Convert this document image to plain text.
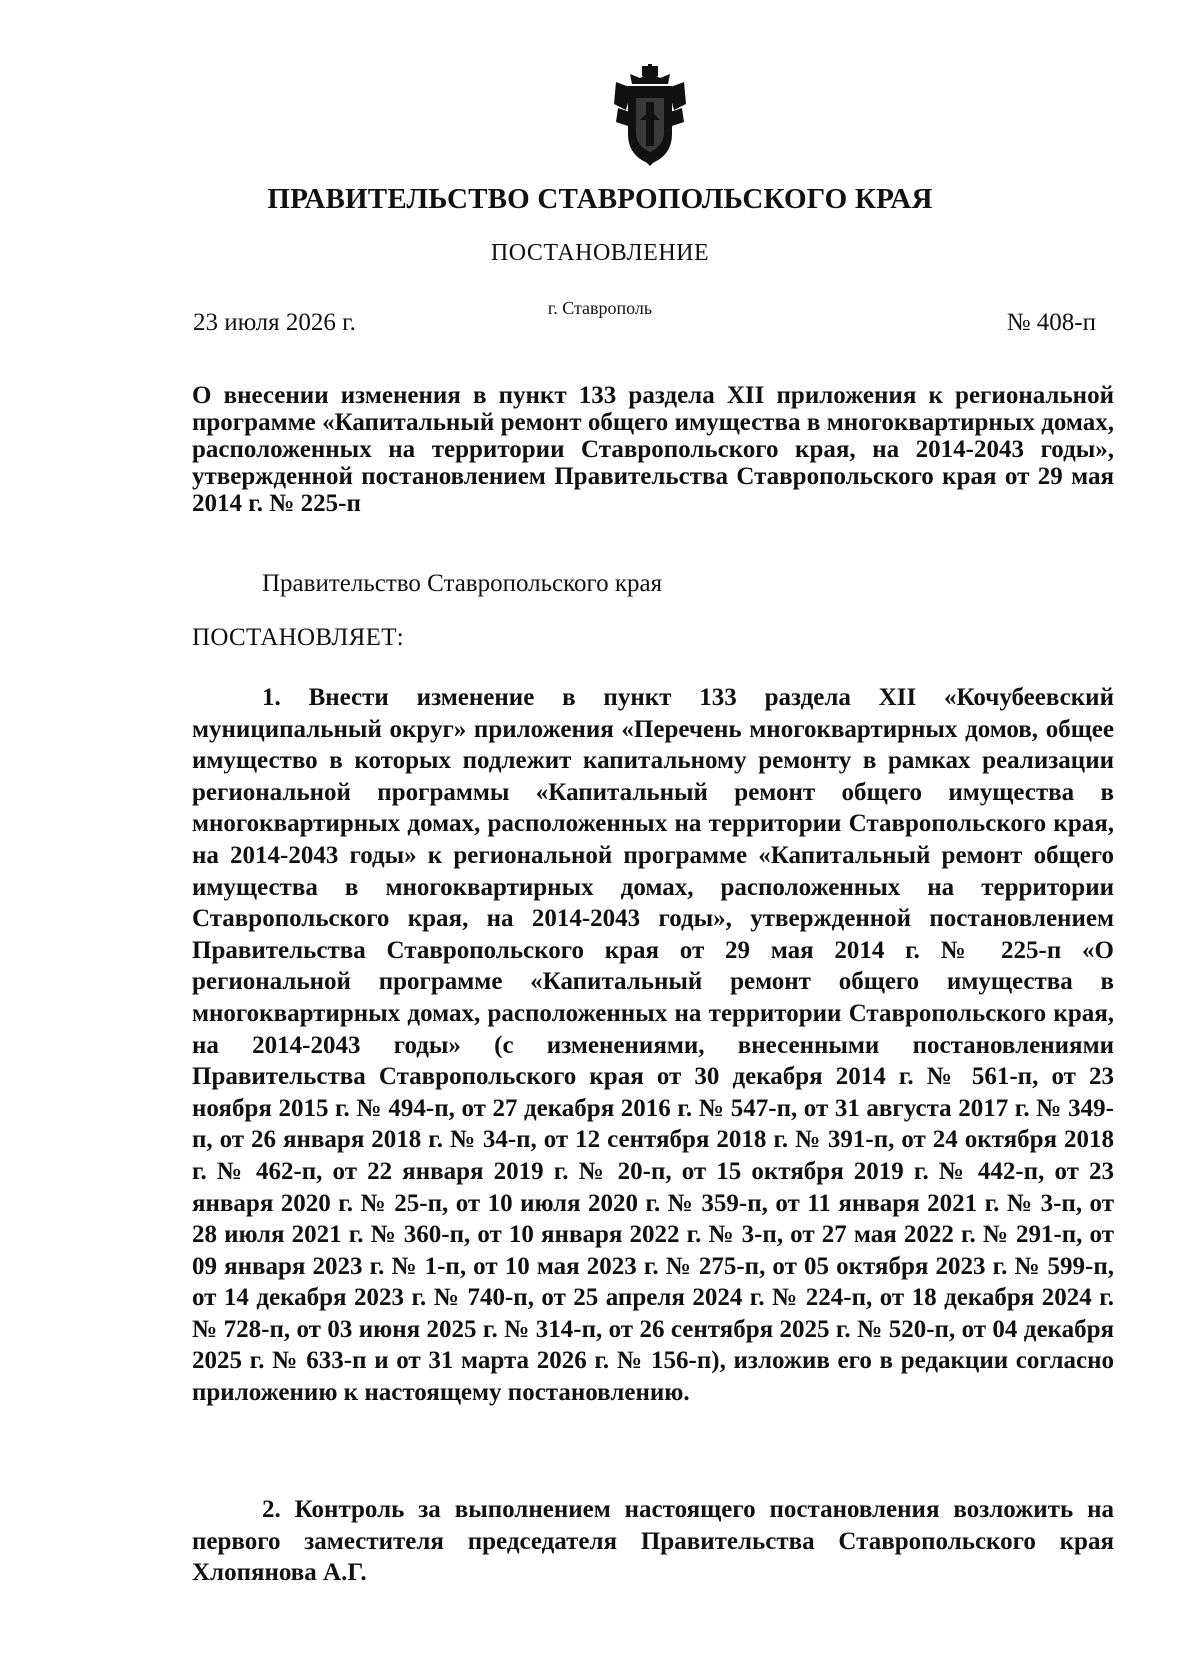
ПРАВИТЕЛЬСТВО СТАВРОПОЛЬСКОГО КРАЯ
ПОСТАНОВЛЕНИЕ
23 июля 2026 г.
г. Ставрополь
№ 408-п
О внесении изменения в пункт 133 раздела XII приложения к региональной программе «Капитальный ремонт общего имущества в многоквартирных домах, расположенных на территории Ставропольского края, на 2014-2043 годы», утвержденной постановлением Правительства Ставропольского края от 29 мая 2014 г. № 225-п
Правительство Ставропольского края
ПОСТАНОВЛЯЕТ:
1. Внести изменение в пункт 133 раздела XII «Кочубеевский муниципальный округ» приложения «Перечень многоквартирных домов, общее имущество в которых подлежит капитальному ремонту в рамках реализации региональной программы «Капитальный ремонт общего имущества в многоквартирных домах, расположенных на территории Ставропольского края, на 2014-2043 годы» к региональной программе «Капитальный ремонт общего имущества в многоквартирных домах, расположенных на территории Ставропольского края, на 2014-2043 годы», утвержденной постановлением Правительства Ставропольского края от 29 мая 2014 г. № 225-п «О региональной программе «Капитальный ремонт общего имущества в многоквартирных домах, расположенных на территории Ставропольского края, на 2014-2043 годы» (с изменениями, внесенными постановлениями Правительства Ставропольского края от 30 декабря 2014 г. № 561-п, от 23 ноября 2015 г. № 494-п, от 27 декабря 2016 г. № 547-п, от 31 августа 2017 г. № 349-п, от 26 января 2018 г. № 34-п, от 12 сентября 2018 г. № 391-п, от 24 октября 2018 г. № 462-п, от 22 января 2019 г. № 20-п, от 15 октября 2019 г. № 442-п, от 23 января 2020 г. № 25-п, от 10 июля 2020 г. № 359-п, от 11 января 2021 г. № 3-п, от 28 июля 2021 г. № 360-п, от 10 января 2022 г. № 3-п, от 27 мая 2022 г. № 291-п, от 09 января 2023 г. № 1-п, от 10 мая 2023 г. № 275-п, от 05 октября 2023 г. № 599-п, от 14 декабря 2023 г. № 740-п, от 25 апреля 2024 г. № 224-п, от 18 декабря 2024 г. № 728-п, от 03 июня 2025 г. № 314-п, от 26 сентября 2025 г. № 520-п, от 04 декабря 2025 г. № 633-п и от 31 марта 2026 г. № 156-п), изложив его в редакции согласно приложению к настоящему постановлению.
2. Контроль за выполнением настоящего постановления возложить на первого заместителя председателя Правительства Ставропольского края Хлопянова А.Г.
